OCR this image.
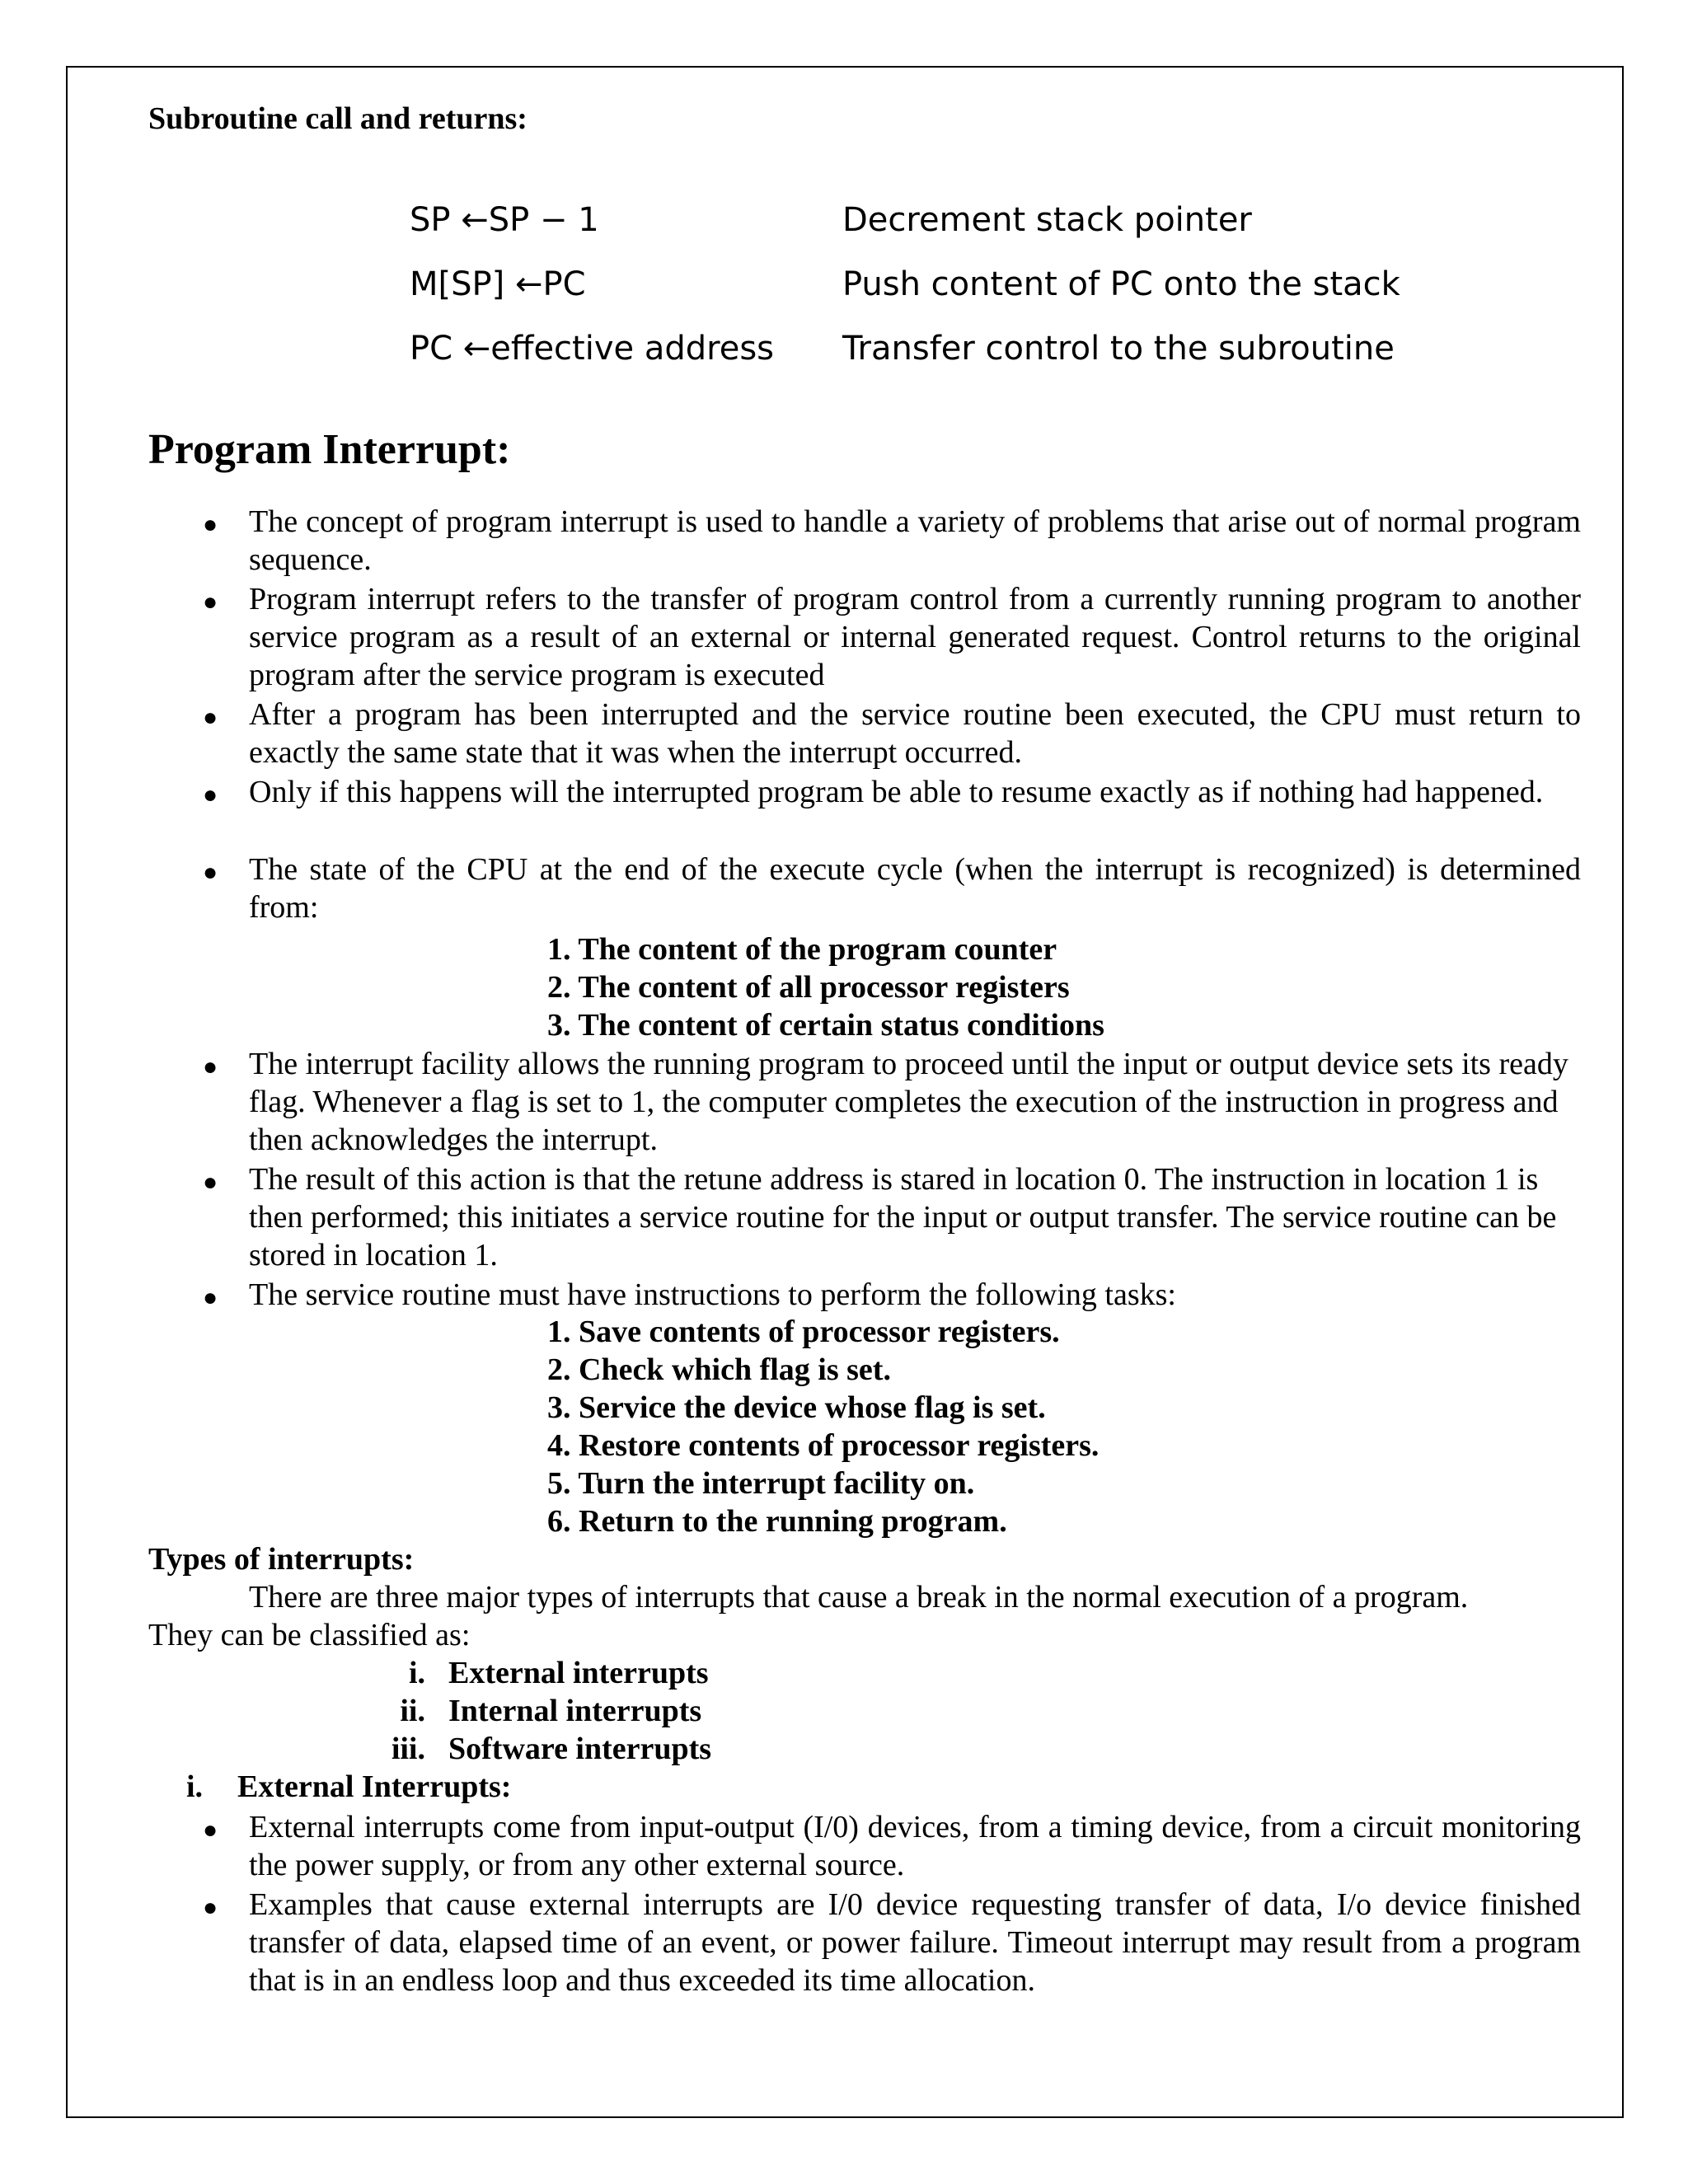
Subroutine call and returns:
SP ←SP − 1	Decrement stack pointer
M[SP] ←PC	Push content of PC onto the stack
PC ←effective address Transfer control to the subroutine
Program Interrupt:
● The concept of program interrupt is used to handle a variety of problems that arise out of normal program sequence.
● Program interrupt refers to the transfer of program control from a currently running program to another service program as a result of an external or internal generated request. Control returns to the original program after the service program is executed
● After a program has been interrupted and the service routine been executed, the CPU must return to exactly the same state that it was when the interrupt occurred.
● Only if this happens will the interrupted program be able to resume exactly as if nothing had happened.
● The state of the CPU at the end of the execute cycle (when the interrupt is recognized) is determined from:
1. The content of the program counter
2. The content of all processor registers
3. The content of certain status conditions
● The interrupt facility allows the running program to proceed until the input or output device sets its ready flag. Whenever a flag is set to 1, the computer completes the execution of the instruction in progress and then acknowledges the interrupt.
● The result of this action is that the retune address is stared in location 0. The instruction in location 1 is then performed; this initiates a service routine for the input or output transfer. The service routine can be stored in location 1.
● The service routine must have instructions to perform the following tasks:
1. Save contents of processor registers.
2. Check which flag is set.
3. Service the device whose flag is set.
4. Restore contents of processor registers.
5. Turn the interrupt facility on.
6. Return to the running program.
Types of interrupts:
There are three major types of interrupts that cause a break in the normal execution of a program.
They can be classified as:
i. External interrupts
ii. Internal interrupts
iii. Software interrupts
i. External Interrupts:
● External interrupts come from input-output (I/0) devices, from a timing device, from a circuit monitoring the power supply, or from any other external source.
● Examples that cause external interrupts are I/0 device requesting transfer of data, I/o device finished transfer of data, elapsed time of an event, or power failure. Timeout interrupt may result from a program that is in an endless loop and thus exceeded its time allocation.
